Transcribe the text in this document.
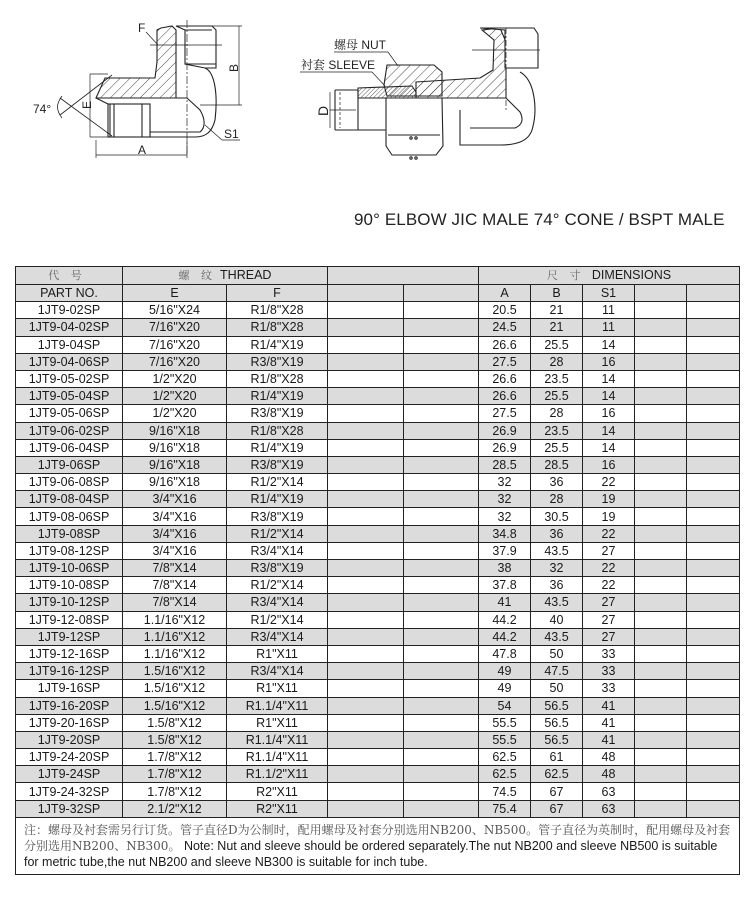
F
B
74° E
S1
A
螺母 NUT
衬套 SLEEVE
D
90° ELBOW JIC MALE 74° CONE / BSPT MALE
代 号	螺 纹 THREAD				尺 寸 DIMENSIONS				
PART NO.	E	F			A	B	S1		
1JT9-02SP	5/16"X24	R1/8"X28			20.5	21	11		
1JT9-04-02SP	7/16"X20	R1/8"X28			24.5	21	11		
1JT9-04SP	7/16"X20	R1/4"X19			26.6	25.5	14		
1JT9-04-06SP	7/16"X20	R3/8"X19			27.5	28	16		
1JT9-05-02SP	1/2"X20	R1/8"X28			26.6	23.5	14		
1JT9-05-04SP	1/2"X20	R1/4"X19			26.6	25.5	14		
1JT9-05-06SP	1/2"X20	R3/8"X19			27.5	28	16		
1JT9-06-02SP	9/16"X18	R1/8"X28			26.9	23.5	14		
1JT9-06-04SP	9/16"X18	R1/4"X19			26.9	25.5	14		
1JT9-06SP	9/16"X18	R3/8"X19			28.5	28.5	16		
1JT9-06-08SP	9/16"X18	R1/2"X14			32	36	22		
1JT9-08-04SP	3/4"X16	R1/4"X19			32	28	19		
1JT9-08-06SP	3/4"X16	R3/8"X19			32	30.5	19		
1JT9-08SP	3/4"X16	R1/2"X14			34.8	36	22		
1JT9-08-12SP	3/4"X16	R3/4"X14			37.9	43.5	27		
1JT9-10-06SP	7/8"X14	R3/8"X19			38	32	22		
1JT9-10-08SP	7/8"X14	R1/2"X14			37.8	36	22		
1JT9-10-12SP	7/8"X14	R3/4"X14			41	43.5	27		
1JT9-12-08SP	1.1/16"X12	R1/2"X14			44.2	40	27		
1JT9-12SP	1.1/16"X12	R3/4"X14			44.2	43.5	27		
1JT9-12-16SP	1.1/16"X12	R1"X11			47.8	50	33		
1JT9-16-12SP	1.5/16"X12	R3/4"X14			49	47.5	33		
1JT9-16SP	1.5/16"X12	R1"X11			49	50	33		
1JT9-16-20SP	1.5/16"X12	R1.1/4"X11			54	56.5	41		
1JT9-20-16SP	1.5/8"X12	R1"X11			55.5	56.5	41		
1JT9-20SP	1.5/8"X12	R1.1/4"X11			55.5	56.5	41		
1JT9-24-20SP	1.7/8"X12	R1.1/4"X11			62.5	61	48		
1JT9-24SP	1.7/8"X12	R1.1/2"X11			62.5	62.5	48		
1JT9-24-32SP	1.7/8"X12	R2"X11			74.5	67	63		
1JT9-32SP	2.1/2"X12	R2"X11			75.4	67	63		
注：螺母及衬套需另行订货。管子直径D为公制时，配用螺母及衬套分别选用NB200、NB500。管子直径为英制时，配用螺母及衬套分别选用NB200、NB300。 Note: Nut and sleeve should be ordered separately.The nut NB200 and sleeve NB500 is suitable for metric tube,the nut NB200 and sleeve NB300 is suitable for inch tube.									
